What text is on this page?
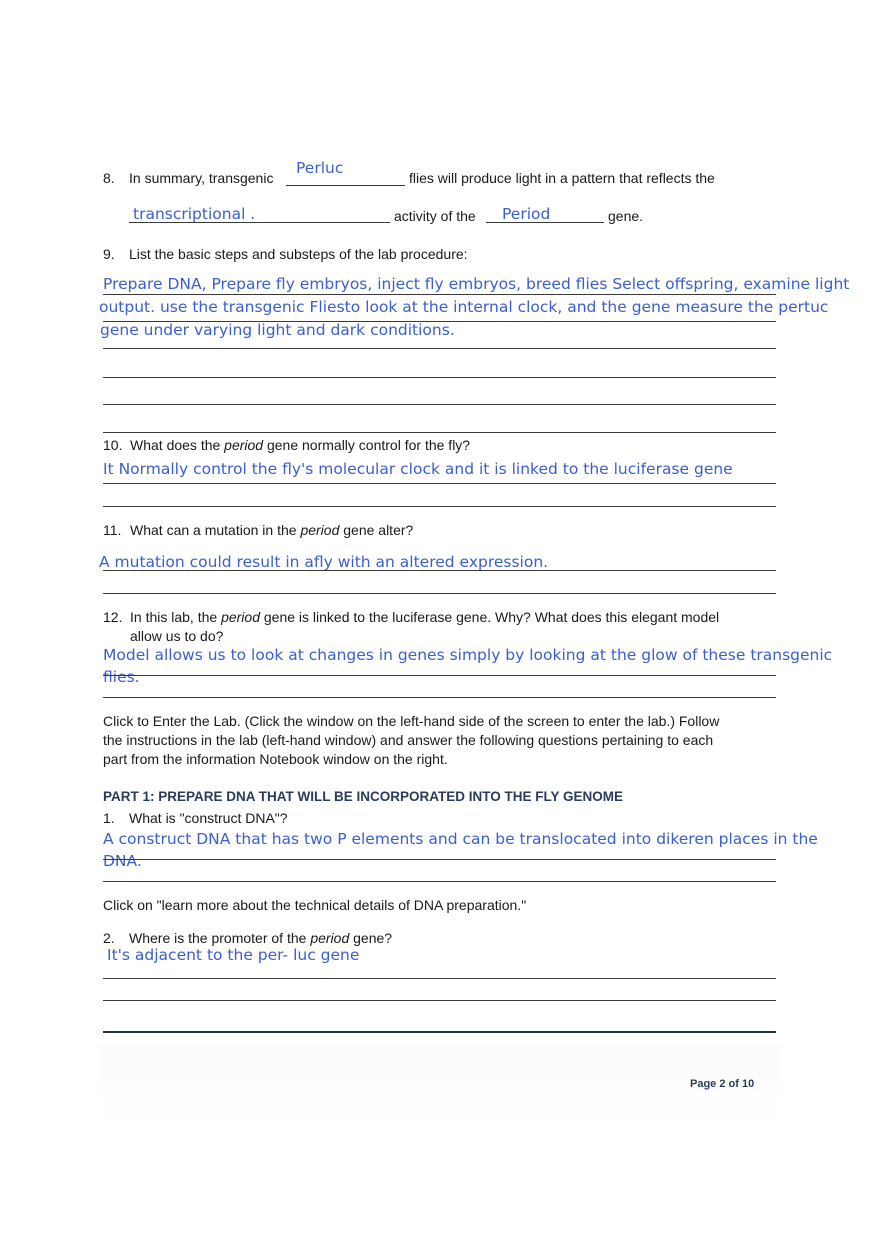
8. In summary, transgenic
Perluc
flies will produce light in a pattern that reflects the
transcriptional .	activity of the Period	gene.
9. List the basic steps and substeps of the lab procedure:
Prepare DNA, Prepare fly embryos, inject fly embryos, breed flies Select offspring, examine light
output. use the transgenic Fliesto look at the internal clock, and the gene measure the pertuc
gene under varying light and dark conditions.
10. What does the period gene normally control for the fly?
It Normally control the fly's molecular clock and it is linked to the luciferase gene
11. What can a mutation in the period gene alter?
A mutation could result in afly with an altered expression.
12. In this lab, the period gene is linked to the luciferase gene. Why? What does this elegant model
allow us to do?
Model allows us to look at changes in genes simply by looking at the glow of these transgenic
flies.
Click to Enter the Lab. (Click the window on the left-hand side of the screen to enter the lab.) Follow
the instructions in the lab (left-hand window) and answer the following questions pertaining to each
part from the information Notebook window on the right.
PART 1: PREPARE DNA THAT WILL BE INCORPORATED INTO THE FLY GENOME
1. What is "construct DNA"?
A construct DNA that has two P elements and can be translocated into dikeren places in the
DNA.
Click on "learn more about the technical details of DNA preparation."
2. Where is the promoter of the period gene?
It's adjacent to the per- luc gene
Page 2 of 10
